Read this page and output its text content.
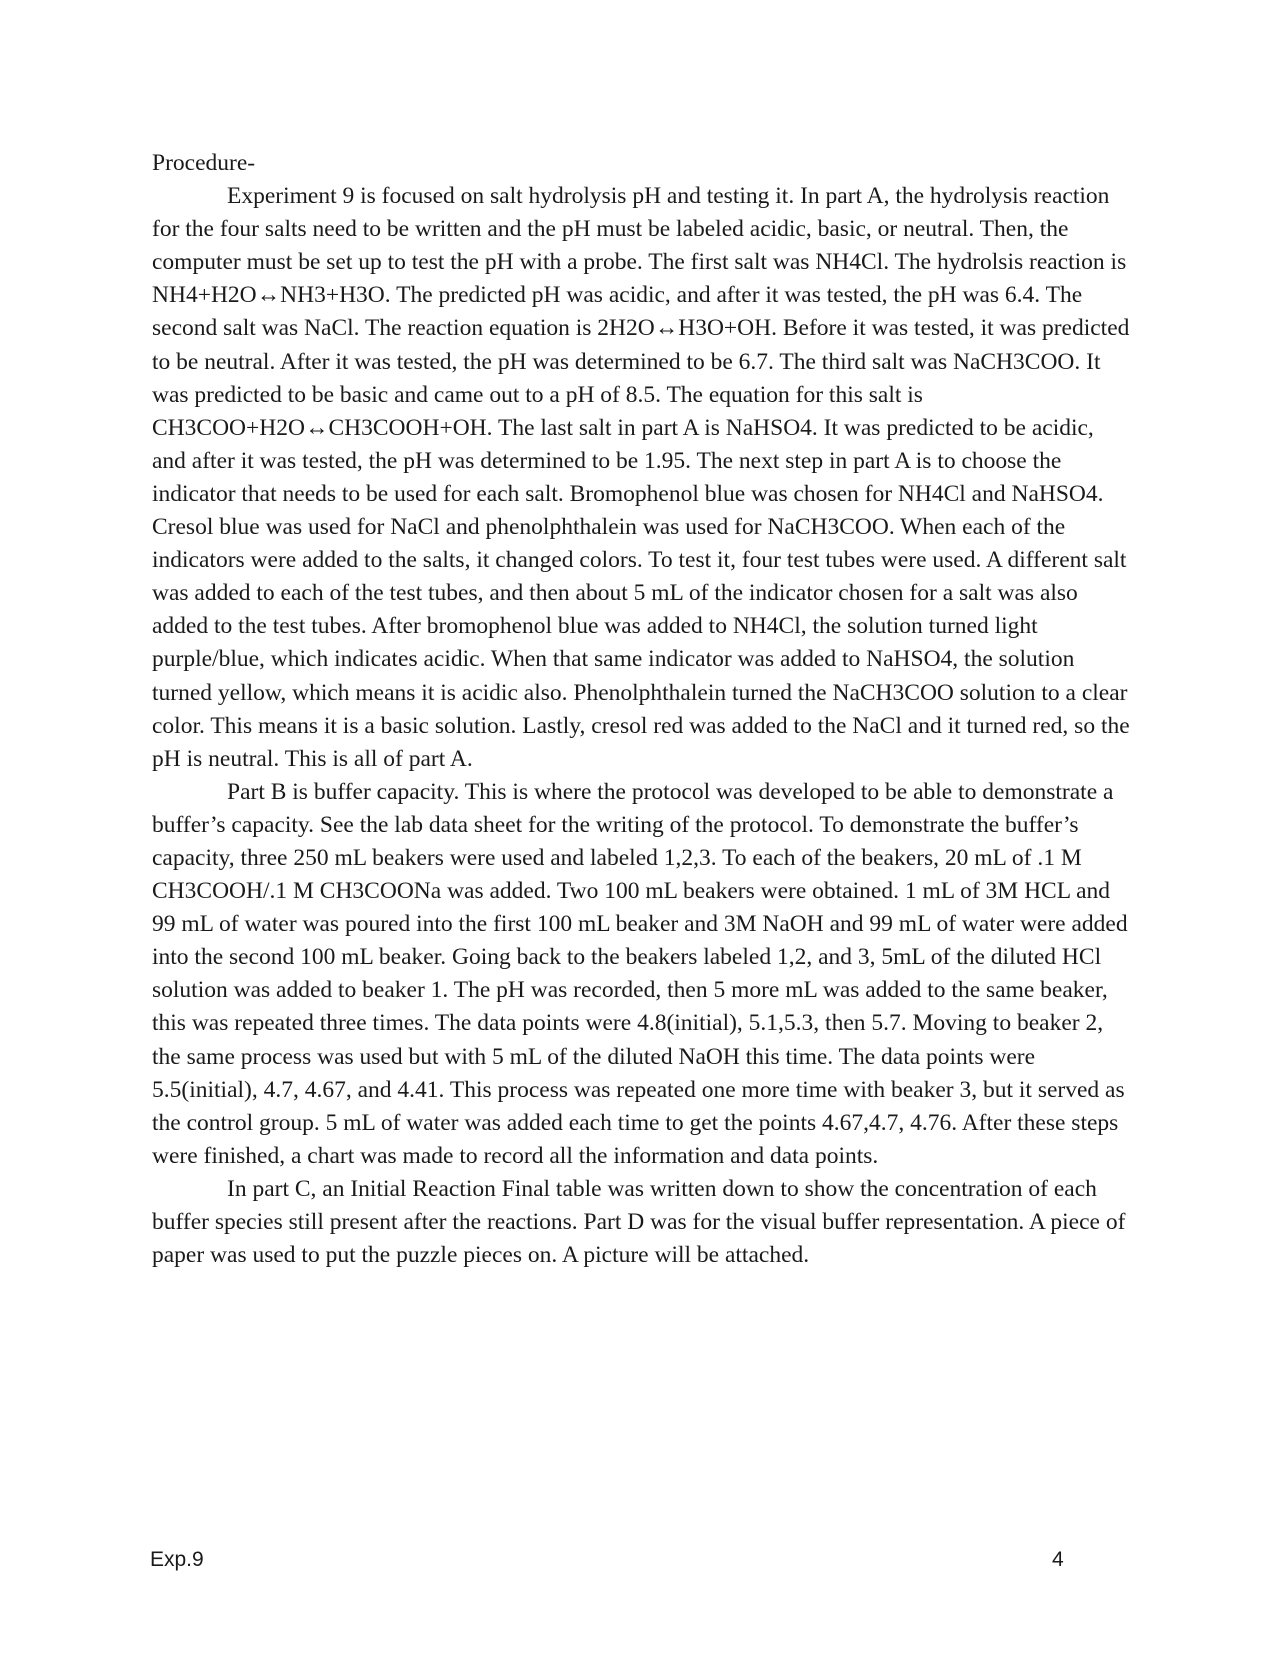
Procedure-

Experiment 9 is focused on salt hydrolysis pH and testing it. In part A, the hydrolysis reaction for the four salts need to be written and the pH must be labeled acidic, basic, or neutral. Then, the computer must be set up to test the pH with a probe. The first salt was NH4Cl. The hydrolsis reaction is NH4+H2O↔NH3+H3O. The predicted pH was acidic, and after it was tested, the pH was 6.4. The second salt was NaCl. The reaction equation is 2H2O↔H3O+OH. Before it was tested, it was predicted to be neutral. After it was tested, the pH was determined to be 6.7. The third salt was NaCH3COO. It was predicted to be basic and came out to a pH of 8.5. The equation for this salt is CH3COO+H2O↔CH3COOH+OH. The last salt in part A is NaHSO4. It was predicted to be acidic, and after it was tested, the pH was determined to be 1.95. The next step in part A is to choose the indicator that needs to be used for each salt. Bromophenol blue was chosen for NH4Cl and NaHSO4. Cresol blue was used for NaCl and phenolphthalein was used for NaCH3COO. When each of the indicators were added to the salts, it changed colors. To test it, four test tubes were used. A different salt was added to each of the test tubes, and then about 5 mL of the indicator chosen for a salt was also added to the test tubes. After bromophenol blue was added to NH4Cl, the solution turned light purple/blue, which indicates acidic. When that same indicator was added to NaHSO4, the solution turned yellow, which means it is acidic also. Phenolphthalein turned the NaCH3COO solution to a clear color. This means it is a basic solution. Lastly, cresol red was added to the NaCl and it turned red, so the pH is neutral. This is all of part A.

Part B is buffer capacity. This is where the protocol was developed to be able to demonstrate a buffer’s capacity. See the lab data sheet for the writing of the protocol. To demonstrate the buffer’s capacity, three 250 mL beakers were used and labeled 1,2,3. To each of the beakers, 20 mL of .1 M CH3COOH/.1 M CH3COONa was added. Two 100 mL beakers were obtained. 1 mL of 3M HCL and 99 mL of water was poured into the first 100 mL beaker and 3M NaOH and 99 mL of water were added into the second 100 mL beaker. Going back to the beakers labeled 1,2, and 3, 5mL of the diluted HCl solution was added to beaker 1. The pH was recorded, then 5 more mL was added to the same beaker, this was repeated three times. The data points were 4.8(initial), 5.1,5.3, then 5.7. Moving to beaker 2, the same process was used but with 5 mL of the diluted NaOH this time. The data points were 5.5(initial), 4.7, 4.67, and 4.41. This process was repeated one more time with beaker 3, but it served as the control group. 5 mL of water was added each time to get the points 4.67,4.7, 4.76. After these steps were finished, a chart was made to record all the information and data points.

In part C, an Initial Reaction Final table was written down to show the concentration of each buffer species still present after the reactions. Part D was for the visual buffer representation. A piece of paper was used to put the puzzle pieces on. A picture will be attached.

Exp.9	4
